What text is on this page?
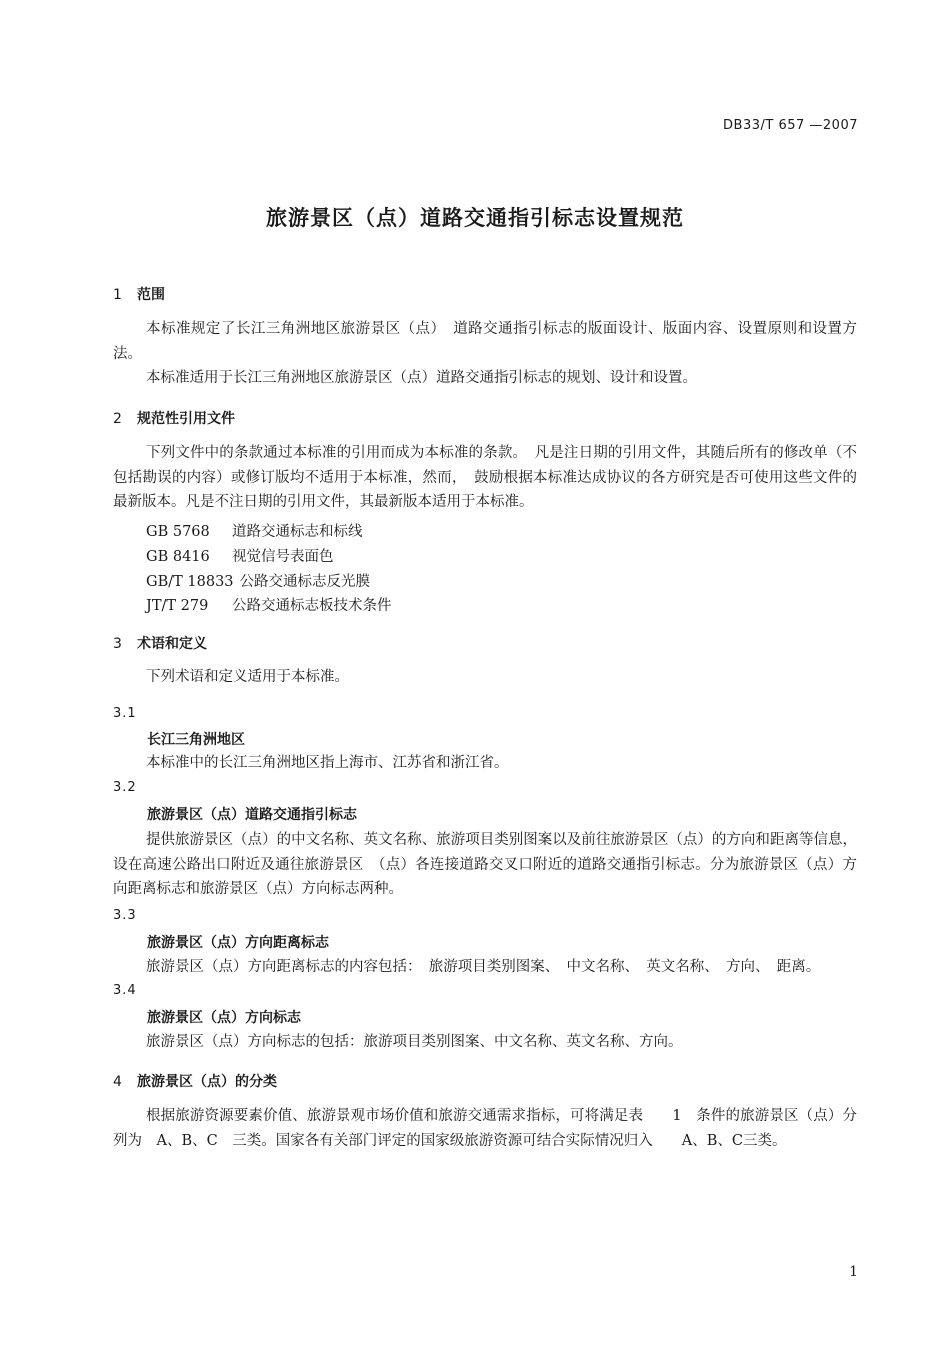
DB33/T 657 —2007
旅游景区（点）道路交通指引标志设置规范
1 范围
本标准规定了长江三角洲地区旅游景区（点）　道路交通指引标志的版面设计、版面内容、设置原则和设置方法。
本标准适用于长江三角洲地区旅游景区（点）道路交通指引标志的规划、设计和设置。
2 规范性引用文件
下列文件中的条款通过本标准的引用而成为本标准的条款。　凡是注日期的引用文件，其随后所有的修改单（不包括勘误的内容）或修订版均不适用于本标准，然而，　鼓励根据本标准达成协议的各方研究是否可使用这些文件的最新版本。凡是不注日期的引用文件，其最新版本适用于本标准。
GB 5768 道路交通标志和标线
GB 8416 视觉信号表面色
GB/T 18833 公路交通标志反光膜
JT/T 279 公路交通标志板技术条件
3 术语和定义
下列术语和定义适用于本标准。
3.1
长江三角洲地区
本标准中的长江三角洲地区指上海市、江苏省和浙江省。
3.2
旅游景区（点）道路交通指引标志
提供旅游景区（点）的中文名称、英文名称、旅游项目类别图案以及前往旅游景区（点）的方向和距离等信息，设在高速公路出口附近及通往旅游景区　（点）各连接道路交叉口附近的道路交通指引标志。分为旅游景区（点）方向距离标志和旅游景区（点）方向标志两种。
3.3
旅游景区（点）方向距离标志
旅游景区（点）方向距离标志的内容包括：　旅游项目类别图案、　中文名称、　英文名称、　方向、　距离。
3.4
旅游景区（点）方向标志
旅游景区（点）方向标志的包括：旅游项目类别图案、中文名称、英文名称、方向。
4 旅游景区（点）的分类
根据旅游资源要素价值、旅游景观市场价值和旅游交通需求指标，可将满足表　　1　条件的旅游景区（点）分列为　A、B、C　三类。国家各有关部门评定的国家级旅游资源可结合实际情况归入　　A、B、C三类。
1
